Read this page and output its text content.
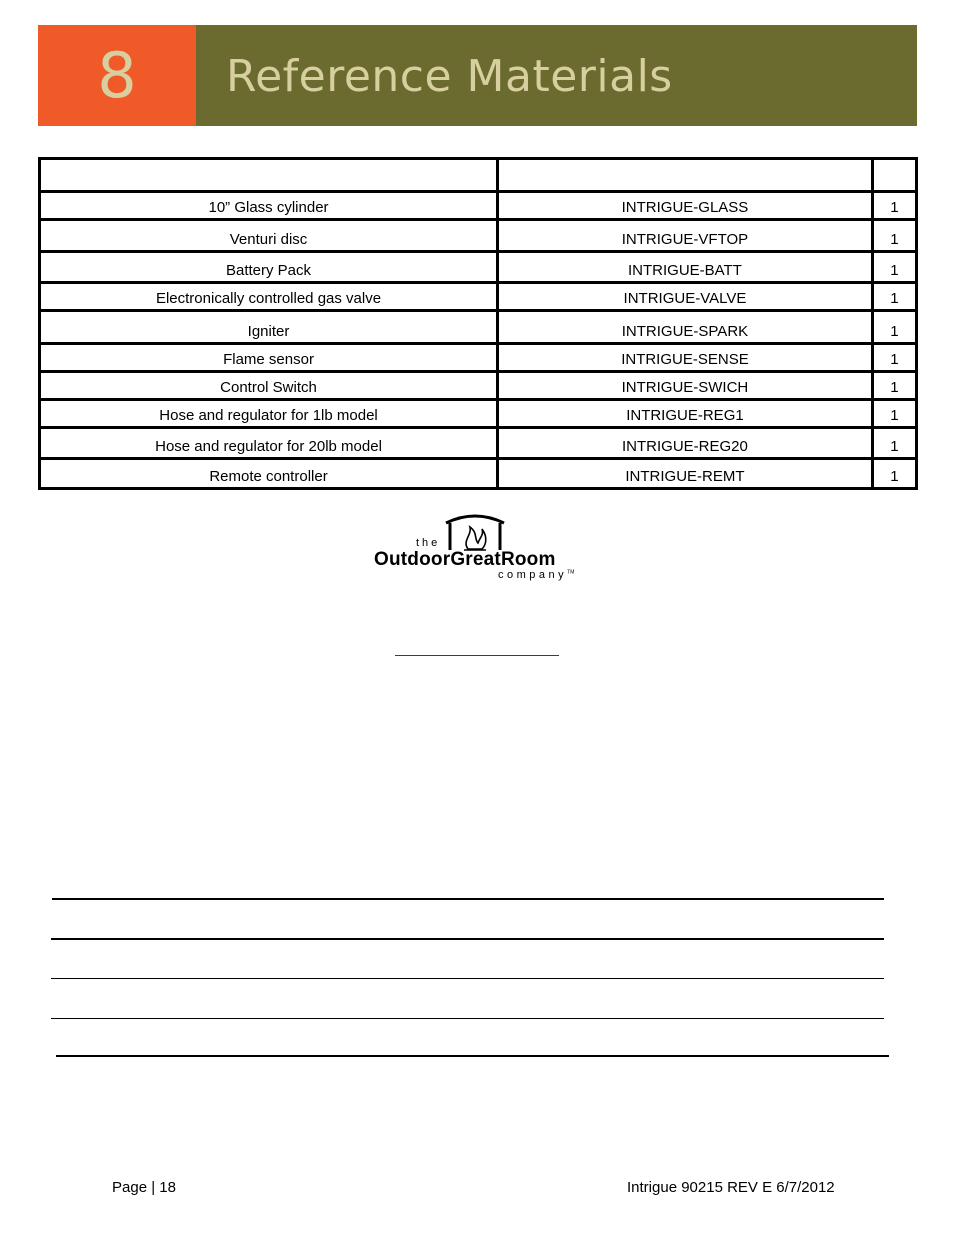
8	Reference Materials

10” Glass cylinder	INTRIGUE-GLASS	1
Venturi disc	INTRIGUE-VFTOP	1
Battery Pack	INTRIGUE-BATT	1
Electronically controlled gas valve	INTRIGUE-VALVE	1
Igniter	INTRIGUE-SPARK	1
Flame sensor	INTRIGUE-SENSE	1
Control Switch	INTRIGUE-SWICH	1
Hose and regulator for 1lb model	INTRIGUE-REG1	1
Hose and regulator for 20lb model	INTRIGUE-REG20	1
Remote controller	INTRIGUE-REMT	1
the
OutdoorGreatRoom
company™
Page | 18	Intrigue 90215 REV E 6/7/2012
